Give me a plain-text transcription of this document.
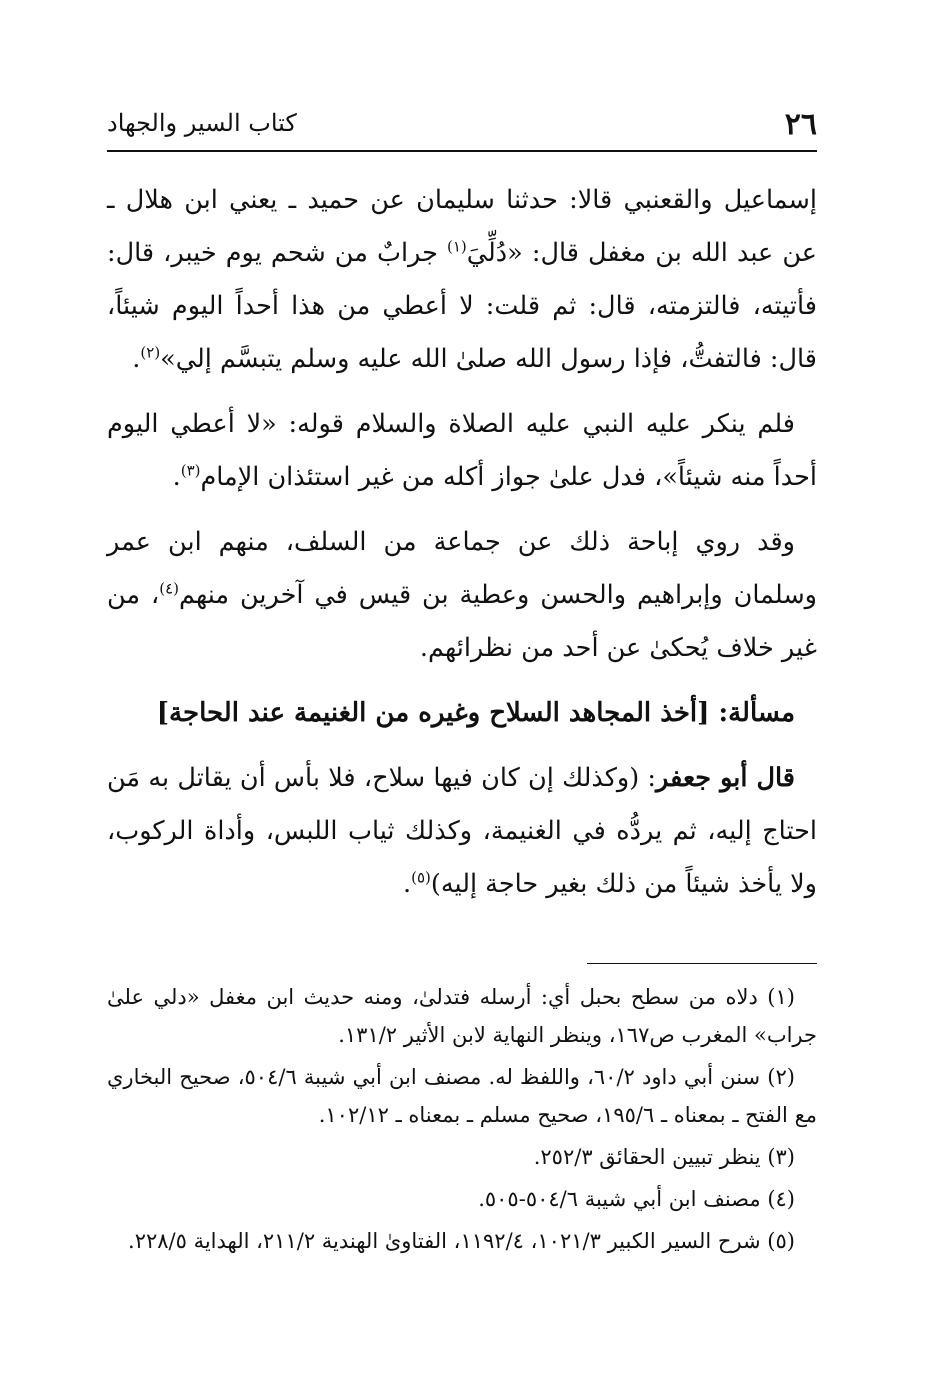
٢٦
كتاب السير والجهاد

إسماعيل والقعنبي قالا: حدثنا سليمان عن حميد ـ يعني ابن هلال ـ عن عبد الله بن مغفل قال: «دُلِّيَ$^{(١)}$ جرابٌ من شحم يوم خيبر، قال: فأتيته، فالتزمته، قال: ثم قلت: لا أعطي من هذا أحداً اليوم شيئاً، قال: فالتفتُّ، فإذا رسول الله صلىٰ الله عليه وسلم يتبسَّم إلي»$^{(٢)}$.

فلم ينكر عليه النبي عليه الصلاة والسلام قوله: «لا أعطي اليوم أحداً منه شيئاً»، فدل علىٰ جواز أكله من غير استئذان الإمام$^{(٣)}$.

وقد روي إباحة ذلك عن جماعة من السلف، منهم ابن عمر وسلمان وإبراهيم والحسن وعطية بن قيس في آخرين منهم$^{(٤)}$، من غير خلاف يُحكىٰ عن أحد من نظرائهم.

مسألة: [أخذ المجاهد السلاح وغيره من الغنيمة عند الحاجة]

قال أبو جعفر: (وكذلك إن كان فيها سلاح، فلا بأس أن يقاتل به مَن احتاج إليه، ثم يردُّه في الغنيمة، وكذلك ثياب اللبس، وأداة الركوب، ولا يأخذ شيئاً من ذلك بغير حاجة إليه)$^{(٥)}$.

(١) دلاه من سطح بحبل أي: أرسله فتدلىٰ، ومنه حديث ابن مغفل «دلي علىٰ جراب» المغرب ص١٦٧، وينظر النهاية لابن الأثير ١٣١/٢.

(٢) سنن أبي داود ٦٠/٢، واللفظ له. مصنف ابن أبي شيبة ٥٠٤/٦، صحيح البخاري مع الفتح ـ بمعناه ـ ١٩٥/٦، صحيح مسلم ـ بمعناه ـ ١٠٢/١٢.

(٣) ينظر تبيين الحقائق ٢٥٢/٣.

(٤) مصنف ابن أبي شيبة ٥٠٤/٦-٥٠٥.

(٥) شرح السير الكبير ١٠٢١/٣، ١١٩٢/٤، الفتاوىٰ الهندية ٢١١/٢، الهداية ٢٢٨/٥.
